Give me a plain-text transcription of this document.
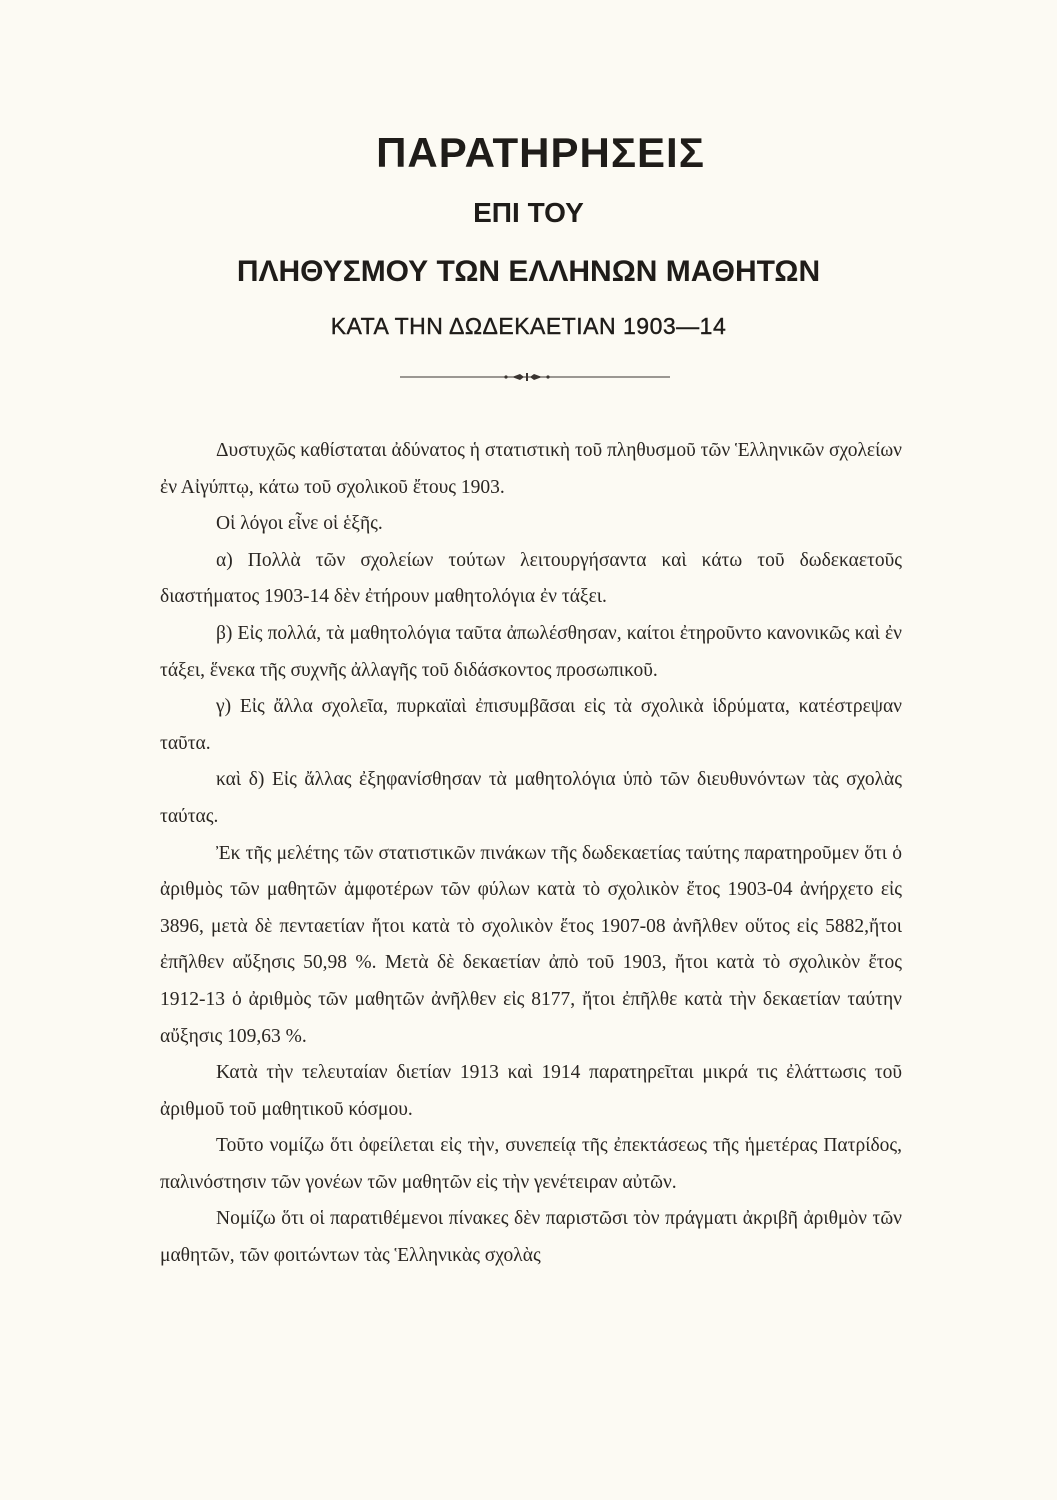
ΠΑΡΑΤΗΡΗΣΕΙΣ
ΕΠΙ ΤΟΥ
ΠΛΗΘΥΣΜΟΥ ΤΩΝ ΕΛΛΗΝΩΝ ΜΑΘΗΤΩΝ
ΚΑΤΑ ΤΗΝ ΔΩΔΕΚΑΕΤΙΑΝ 1903—14

Δυστυχῶς καθίσταται ἀδύνατος ἡ στατιστικὴ τοῦ πληθυσμοῦ τῶν Ἑλληνικῶν σχολείων ἐν Αἰγύπτῳ, κάτω τοῦ σχολικοῦ ἔτους 1903.

Οἱ λόγοι εἶνε οἱ ἑξῆς.

α) Πολλὰ τῶν σχολείων τούτων λειτουργήσαντα καὶ κάτω τοῦ δωδεκαετοῦς διαστήματος 1903-14 δὲν ἐτήρουν μαθητολόγια ἐν τάξει.

β) Εἰς πολλά, τὰ μαθητολόγια ταῦτα ἀπωλέσθησαν, καίτοι ἐτηροῦντο κανονικῶς καὶ ἐν τάξει, ἕνεκα τῆς συχνῆς ἀλλαγῆς τοῦ διδάσκοντος προσωπικοῦ.

γ) Εἰς ἄλλα σχολεῖα, πυρκαϊαὶ ἐπισυμβᾶσαι εἰς τὰ σχολικὰ ἱδρύματα, κατέστρεψαν ταῦτα.

καὶ δ) Εἰς ἄλλας ἐξηφανίσθησαν τὰ μαθητολόγια ὑπὸ τῶν διευθυνόντων τὰς σχολὰς ταύτας.

Ἐκ τῆς μελέτης τῶν στατιστικῶν πινάκων τῆς δωδεκαετίας ταύτης παρατηροῦμεν ὅτι ὁ ἀριθμὸς τῶν μαθητῶν ἀμφοτέρων τῶν φύλων κατὰ τὸ σχολικὸν ἔτος 1903-04 ἀνήρχετο εἰς 3896, μετὰ δὲ πενταετίαν ἤτοι κατὰ τὸ σχολικὸν ἔτος 1907-08 ἀνῆλθεν οὕτος εἰς 5882,ἤτοι ἐπῆλθεν αὔξησις 50,98 %. Μετὰ δὲ δεκαετίαν ἀπὸ τοῦ 1903, ἤτοι κατὰ τὸ σχολικὸν ἔτος 1912-13 ὁ ἀριθμὸς τῶν μαθητῶν ἀνῆλθεν εἰς 8177, ἤτοι ἐπῆλθε κατὰ τὴν δεκαετίαν ταύτην αὔξησις 109,63 %.

Κατὰ τὴν τελευταίαν διετίαν 1913 καὶ 1914 παρατηρεῖται μικρά τις ἐλάττωσις τοῦ ἀριθμοῦ τοῦ μαθητικοῦ κόσμου.

Τοῦτο νομίζω ὅτι ὀφείλεται εἰς τὴν, συνεπείᾳ τῆς ἐπεκτάσεως τῆς ἡμετέρας Πατρίδος, παλινόστησιν τῶν γονέων τῶν μαθητῶν εἰς τὴν γενέτειραν αὐτῶν.

Νομίζω ὅτι οἱ παρατιθέμενοι πίνακες δὲν παριστῶσι τὸν πράγματι ἀκριβῆ ἀριθμὸν τῶν μαθητῶν, τῶν φοιτώντων τὰς Ἑλληνικὰς σχολὰς
